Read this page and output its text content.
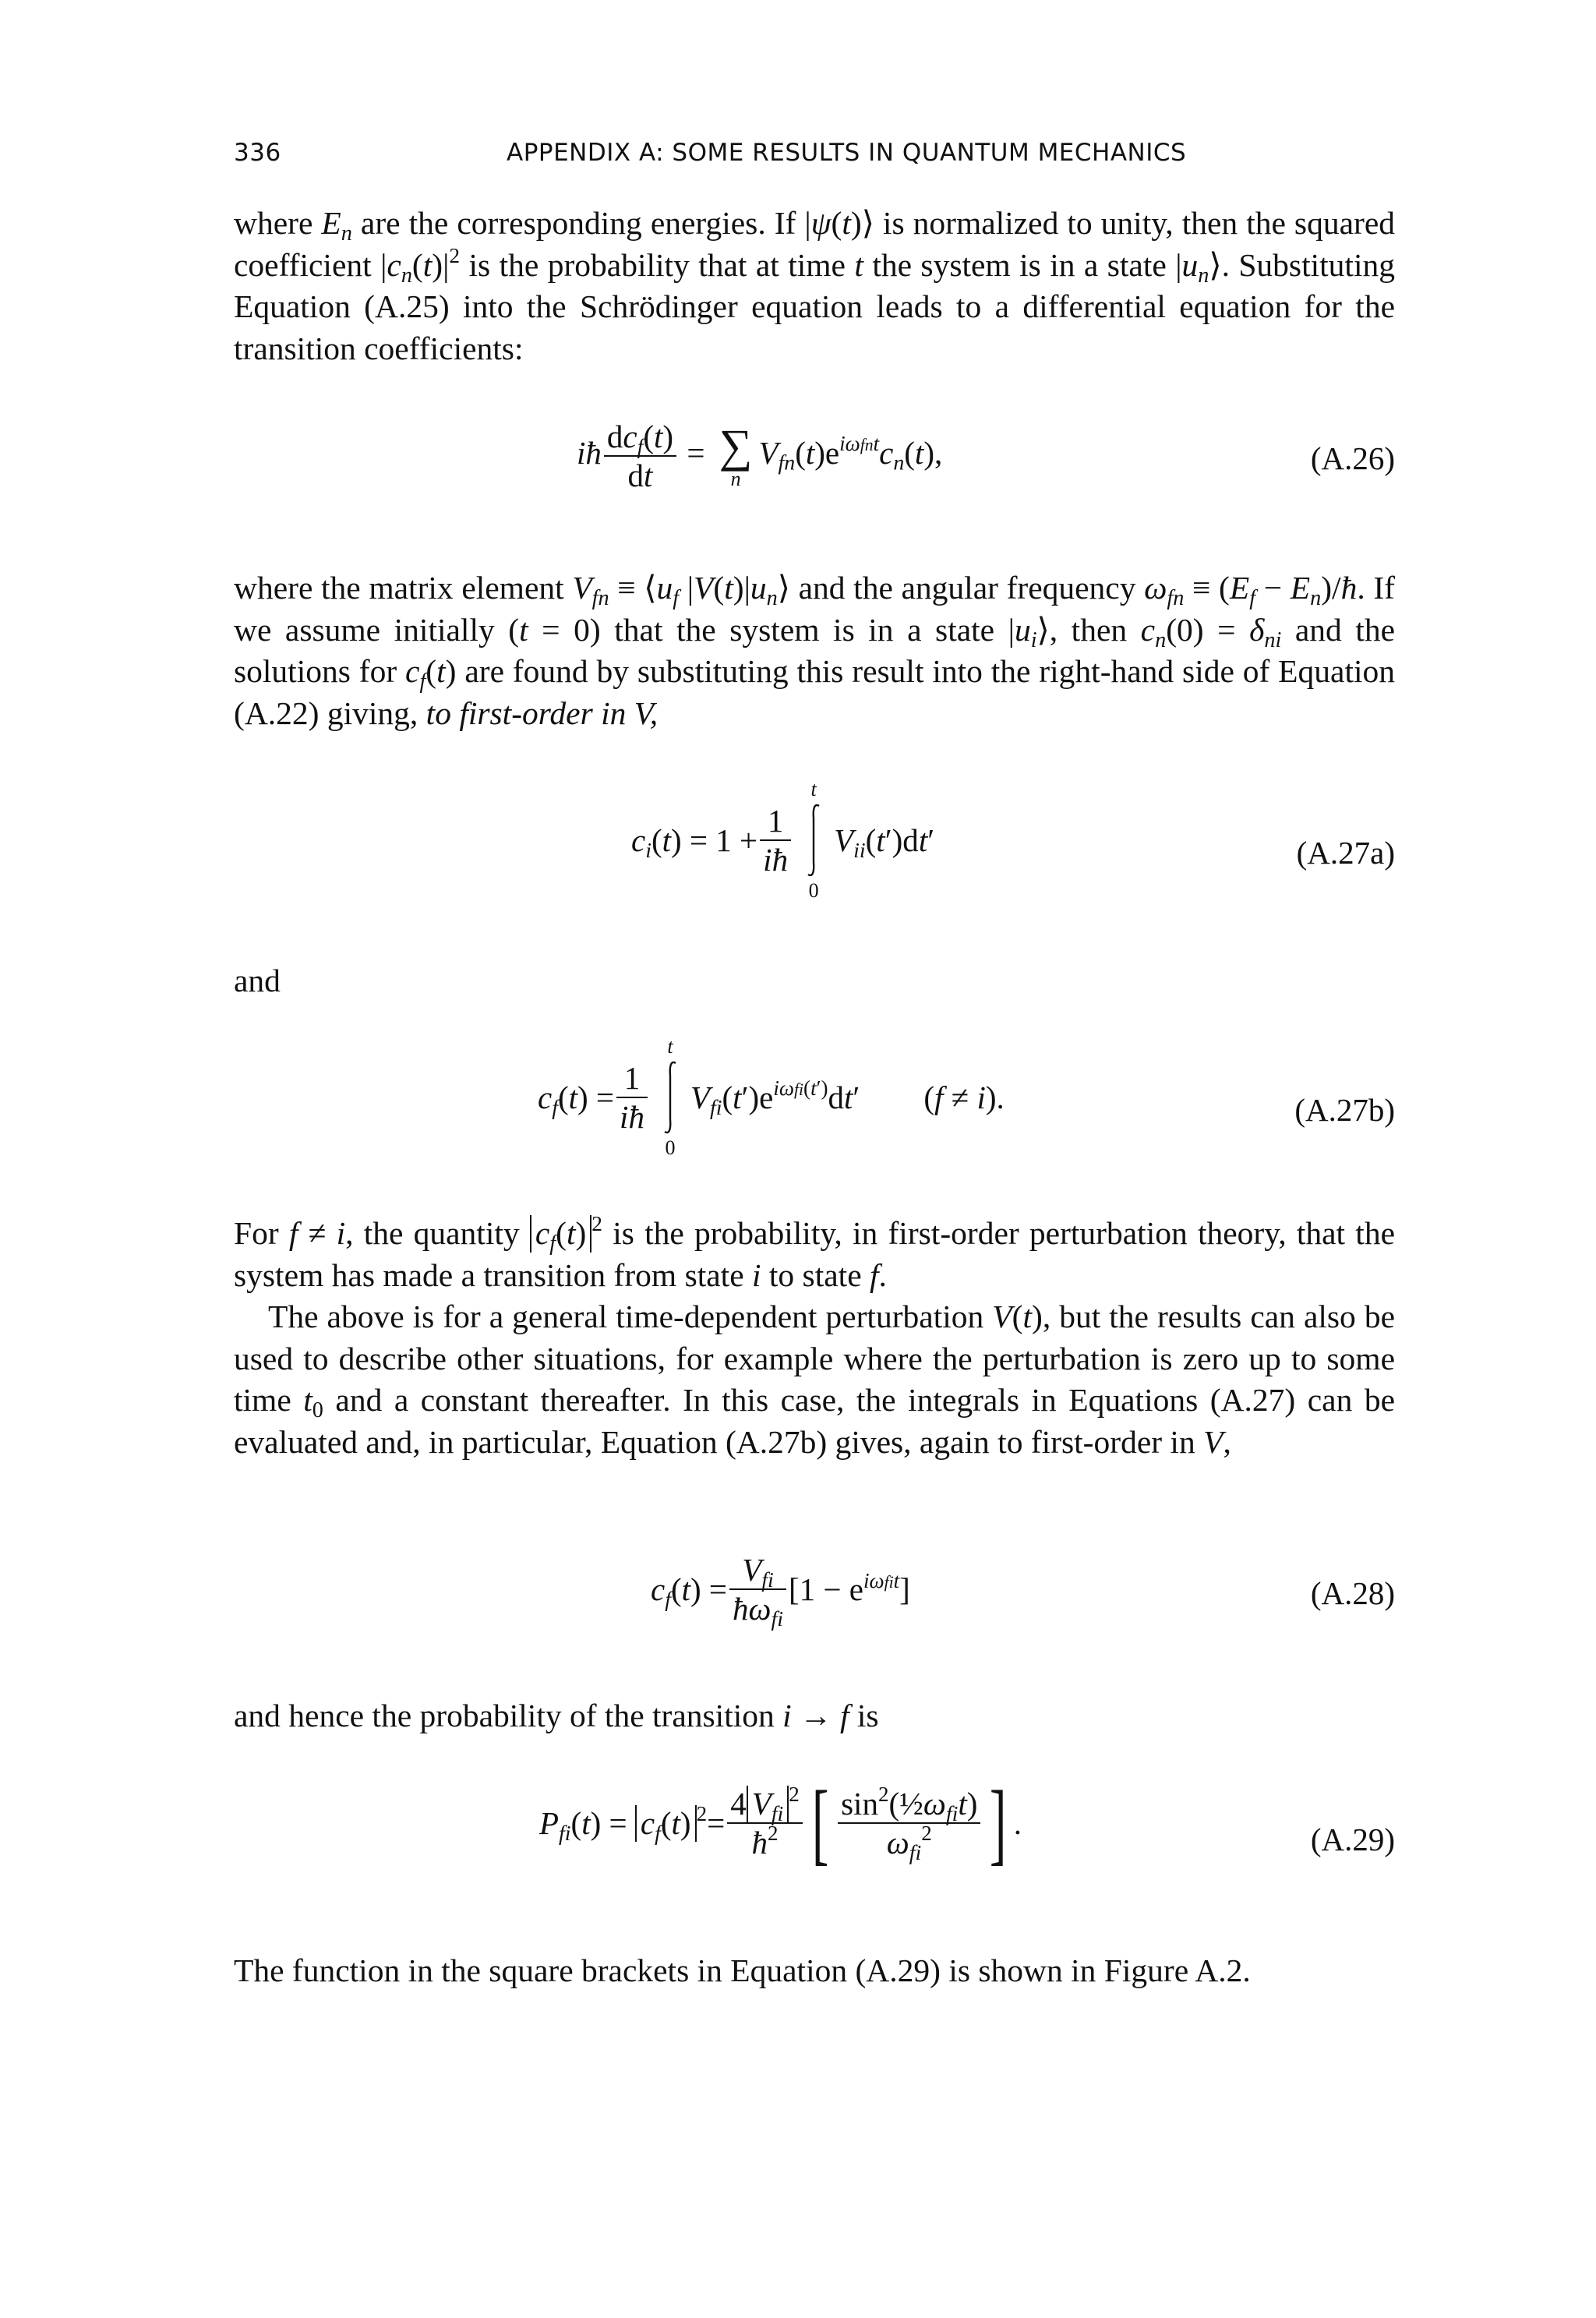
336	APPENDIX A: SOME RESULTS IN QUANTUM MECHANICS
where $E_n$ are the corresponding energies. If |ψ(t)⟩ is normalized to unity, then the squared coefficient $|c_n(t)|^2$ is the probability that at time t the system is in a state $|u_n⟩$. Substituting Equation (A.25) into the Schrödinger equation leads to a differential equation for the transition coefficients:
iħ $\frac{dc_f(t)}{dt}$ = ∑
n
$V_{fn}(t)e^{i\omega fnt}c_n(t)$,	(A.26)
where the matrix element $V_{fn}$ ≡ $⟨u_f$ $|V(t)|u_n⟩$ and the angular frequency $\omega_{fn} \equiv (E_f$ − $E_n)/ħ$. If we assume initially (t = 0) that the system is in a state $|u_i⟩$, then $c_n(0) = \delta_{ni}$ and the solutions for $c_f(t)$ are found by substituting this result into the right-hand side of Equation (A.22) giving, to first-order in V,
$c_i(t) = 1 + \frac{1}{iħ}$
t
0
$V_{ii}(t')dt'$	(A.27a)
and
$c_f(t) = \frac{1}{iħ}$
t
0
$V_{fi}(t')e^{i\omega fi(t')}dt'$        (f ≠ i).	(A.27b)
For f ≠ i, the quantity $c_f(t)$ $^2$ is the probability, in first-order perturbation theory, that the system has made a transition from state i to state f.
The above is for a general time-dependent perturbation V(t), but the results can also be used to describe other situations, for example where the perturbation is zero up to some time $t_0$ and a constant thereafter. In this case, the integrals in Equations (A.27) can be evaluated and, in particular, Equation (A.27b) gives, again to first-order in V,
$c_f(t) = \frac{V_{fi}}{ħ\omega_{fi}} [1 - e^{i\omega fit}]$	(A.28)
and hence the probability of the transition i → f is
$P_{fi}(t) = c_f(t)$ $^2= \frac{4 V_{fi}^2}{ħ^2}$ [ $\frac{\sin^2(\frac{1}{2}\omega_{fi}t)}{\omega_{fi}^2}$ ] .	(A.29)
The function in the square brackets in Equation (A.29) is shown in Figure A.2.
